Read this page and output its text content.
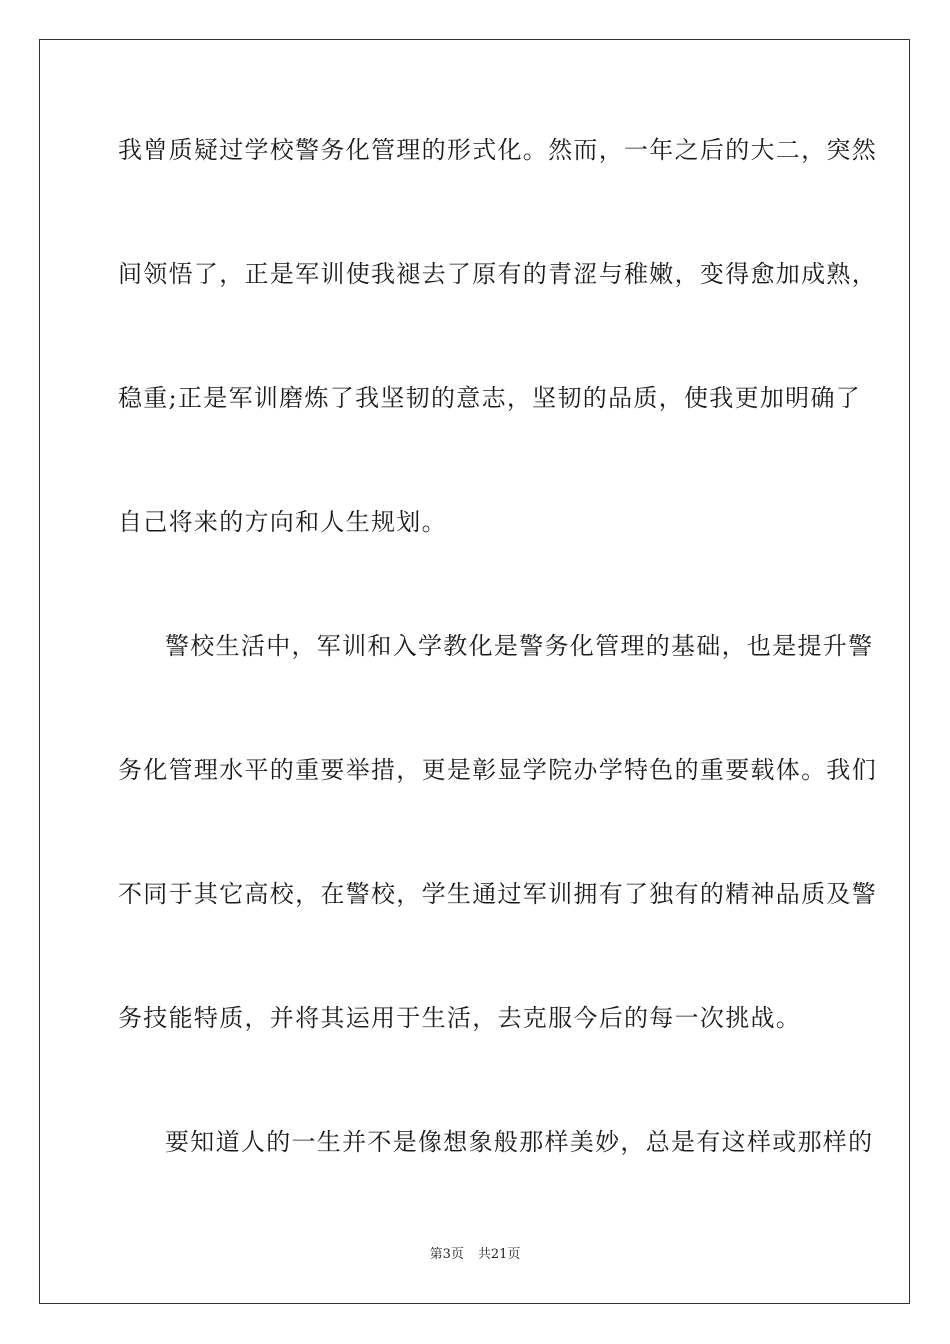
我曾质疑过学校警务化管理的形式化。然而，一年之后的大二，突然
间领悟了，正是军训使我褪去了原有的青涩与稚嫩，变得愈加成熟，
稳重;正是军训磨炼了我坚韧的意志，坚韧的品质，使我更加明确了
自己将来的方向和人生规划。
警校生活中，军训和入学教化是警务化管理的基础，也是提升警
务化管理水平的重要举措，更是彰显学院办学特色的重要载体。我们
不同于其它高校，在警校，学生通过军训拥有了独有的精神品质及警
务技能特质，并将其运用于生活，去克服今后的每一次挑战。
要知道人的一生并不是像想象般那样美妙，总是有这样或那样的
第3页 共21页
